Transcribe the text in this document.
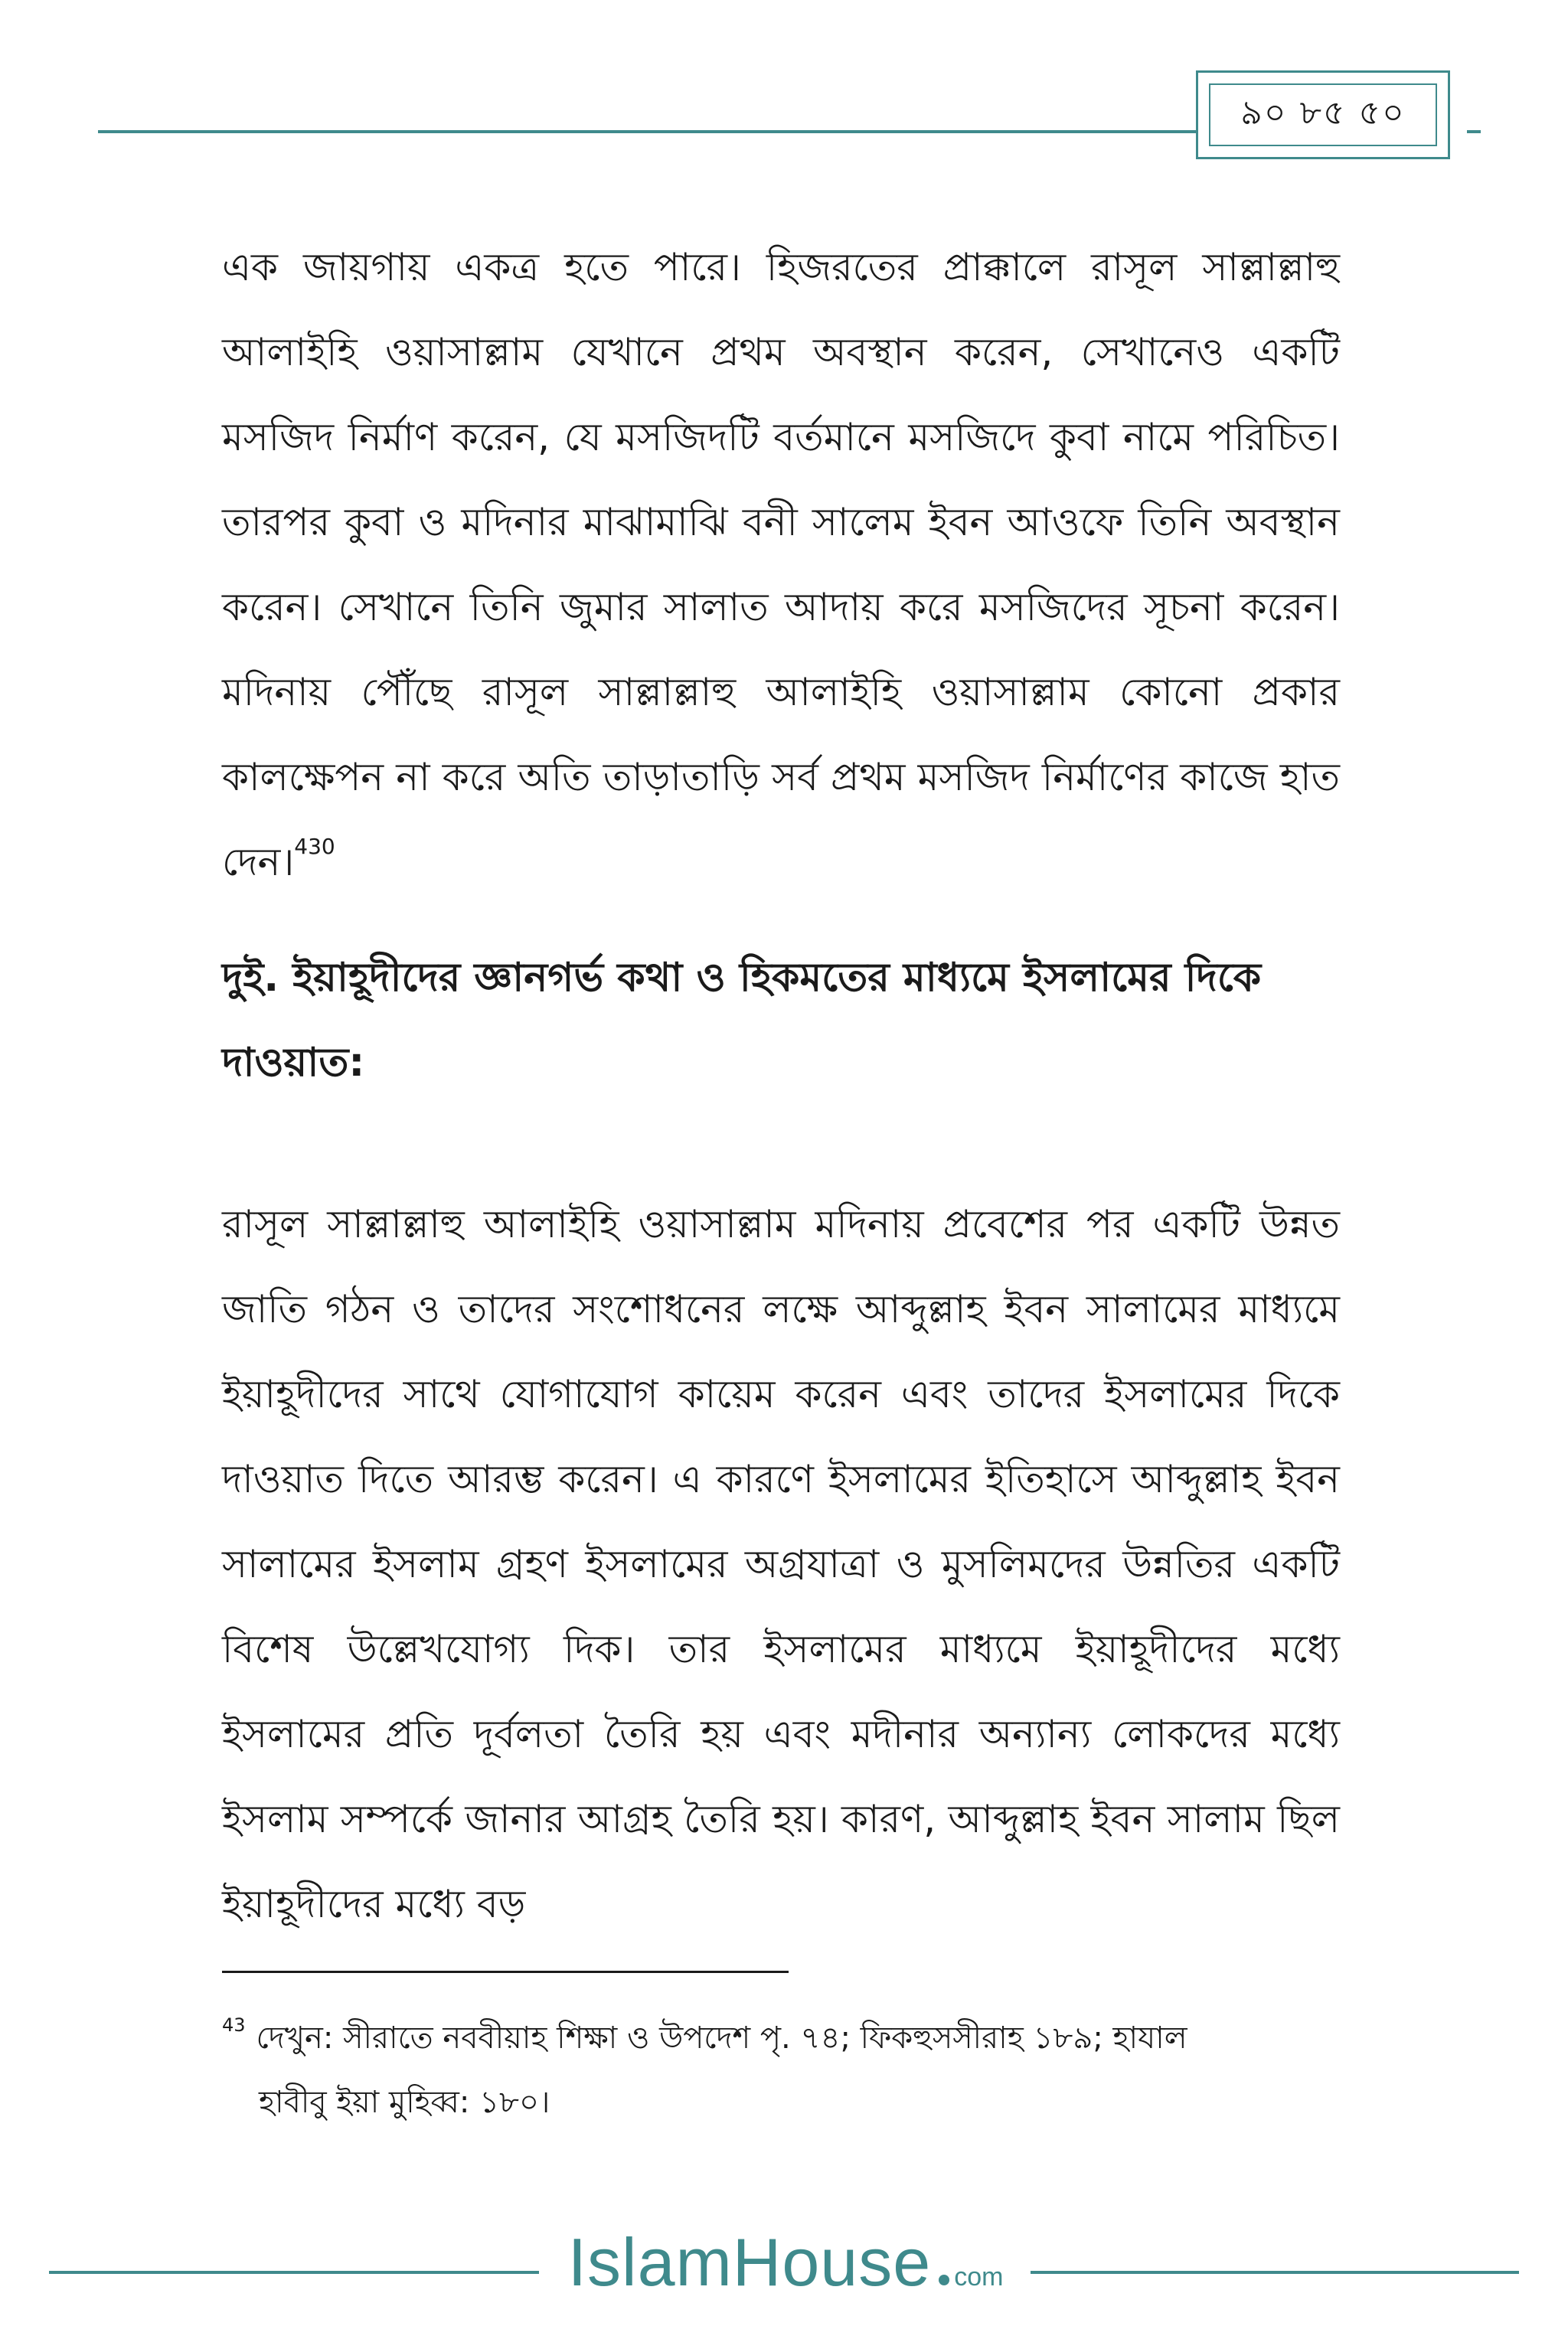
৯০ ৮৫ ৫০

এক জায়গায় একত্র হতে পারে। হিজরতের প্রাক্কালে রাসূল সাল্লাল্লাহু আলাইহি ওয়াসাল্লাম যেখানে প্রথম অবস্থান করেন, সেখানেও একটি মসজিদ নির্মাণ করেন, যে মসজিদটি বর্তমানে মসজিদে কুবা নামে পরিচিত। তারপর কুবা ও মদিনার মাঝামাঝি বনী সালেম ইবন আওফে তিনি অবস্থান করেন। সেখানে তিনি জুমার সালাত আদায় করে মসজিদের সূচনা করেন। মদিনায় পৌঁছে রাসূল সাল্লাল্লাহু আলাইহি ওয়াসাল্লাম কোনো প্রকার কালক্ষেপন না করে অতি তাড়াতাড়ি সর্ব প্রথম মসজিদ নির্মাণের কাজে হাত দেন।$^{430}$

দুই. ইয়াহূদীদের জ্ঞানগর্ভ কথা ও হিকমতের মাধ্যমে ইসলামের দিকে দাওয়াত:

রাসূল সাল্লাল্লাহু আলাইহি ওয়াসাল্লাম মদিনায় প্রবেশের পর একটি উন্নত জাতি গঠন ও তাদের সংশোধনের লক্ষে আব্দুল্লাহ ইবন সালামের মাধ্যমে ইয়াহূদীদের সাথে যোগাযোগ কায়েম করেন এবং তাদের ইসলামের দিকে দাওয়াত দিতে আরম্ভ করেন। এ কারণে ইসলামের ইতিহাসে আব্দুল্লাহ ইবন সালামের ইসলাম গ্রহণ ইসলামের অগ্রযাত্রা ও মুসলিমদের উন্নতির একটি বিশেষ উল্লেখযোগ্য দিক। তার ইসলামের মাধ্যমে ইয়াহূদীদের মধ্যে ইসলামের প্রতি দূর্বলতা তৈরি হয় এবং মদীনার অন্যান্য লোকদের মধ্যে ইসলাম সম্পর্কে জানার আগ্রহ তৈরি হয়। কারণ, আব্দুল্লাহ ইবন সালাম ছিল ইয়াহূদীদের মধ্যে বড়

$^{43}$ দেখুন: সীরাতে নববীয়াহ শিক্ষা ও উপদেশ পৃ. ৭৪; ফিকহুসসীরাহ ১৮৯; হাযাল
হাবীবু ইয়া মুহিব্ব: ১৮০।

IslamHouse com
